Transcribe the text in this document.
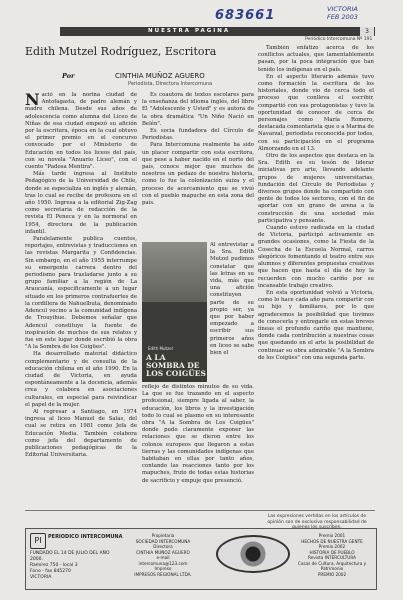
683661	VICTORIA
FEB 2003
NUESTRA PAGINA	3
Periódico Intercomuna Nº 191
Edith Mutzel Rodríguez, Escritora
Por	CINTHIA MUÑOZ AGUERO
Periodista, Directora Intercomuna

Nació en la norina ciudad de Antofagasta, de padre alemán y madre chilena. Desde sus años de adolescencia como alumna del Liceo de Niñas de esa ciudad empezó su afición por la escritura, época en la cual obtuvo el primer premio en el concurso convocado por el Ministerio de Educación en todos los liceos del país, con su novela "Anuario Liceo", con el cuento "Padosa Mentira".

Más tarde ingresa al Instituto Pedagógico de la Universidad de Chile, donde se especializa en inglés y alemán, tras lo cual se recibe de profesora en el año 1950. Ingresa a la editorial Zig-Zag como secretaria de redacción de la revista El Peneca y en la normoral en 1954, directora de la publicación infantil.

Paralelamente publica cuentos, reportajes, entrevistas y traducciones en las revistas Margarita y Confidencias. Sin embargo, en el año 1955 interrumpe su emergente carrera dentro del periodismo para trasladarse junto a su grupo familiar a la región de La Araucanía, específicamente a un lugar situado en los primeros contrafuertes de la cordillera de Nahuelbuta, denominado Adencul vecino a la comunidad indígena de Trouyihue. Debemos señalar que Adencul constituye la fuente de inspiración de muchos de sus relatos y fue en este lugar donde escribió la obra "A la Sombra de los Coigües".

Ha desarrollado material didáctico complementario y de consulta de la educación chilena en el año 1990. En la ciudad de Victoria, en ayuda espontáneamente a la docencia, además crea y colabora en asociaciones culturales, en especial para reivindicar el papel de la mujer.

Al regresar a Santiago, en 1974 ingresa al liceo Manuel de Salas, del cual se retira en 1981 como Jefa de Educación Media. También colabora como jefa del departamento de publicaciones pedagógicas de la Editorial Universitaria.

Es coautora de textos escolares para la enseñanza del idioma inglés, del libro El "Adolescente y Usted" y es autora de la obra dramática "Un Niño Nació en Belén".

Es socia fundadora del Círculo de Periodistas.

Para Intercomuna realmente ha sido un placer compartir con esta escritora, que pese a haber nacido en el norte del país, conoce mejor que muchos de nosotros un pedazo de nuestra historia, como lo fue la colonización suiza y el proceso de acercamiento que se vivió con el pueblo mapuche en esta zona del país.

Edith Mutzel
A LA SOMBRA DE LOS COIGÜES
Al entrevistar a la Sra. Edith Mutzel pudimos constatar que las letras en su vida, más que una afición constituyen parte de su propio ser, ya que por haber empezado a escribir sus primeros años en liceo se sabe bien el

reflejo de distintos minutos de su vida. La que se fue trazando en el aspecto profesional, siempre ligada al saber, la educación, los libros y la investigación todo lo cual se plasmo en su interesante obra "A la Sombra de Los Coigües" donde pudo claramente exponer las relaciones que se dieron entre los colonos europeos que llegaron a estas tierras y las comunidades indígenas que habitaban en ellas por tanto años, contando las reacciones tanto por los mapuches, fruto de todas estas historias de sacrificio y empuje que presenció.

También enfatizo acerca de los conflictos actuales, que lamentablemente pasan, por la poca integración que han tenido los indígenas en el país.

En el aspecto literario además tuvo como formación la escritura de los historiales, donde vio de cerca todo el proceso que conlleva el escribir, compartió con sus protagonistas y tuvo la oportunidad de conocer de cerca de personajes como María Romero, destacada comentarista que o a Marina de Navarzal, periodista reconocida por todos, con su participación en el programa Almorzando en el 13.

Otro de los aspectos que destaca en la Sra. Edith es su tesón de liderar iniciativas pro arte, llevando adelante grupos de mujeres universitarias, fundación del Círculo de Periodistas y diversos grupos donde ha compartido con gente de todos los sectores, con el fin de aportar con un grano de arena a la construcción de una sociedad más participativa y pensante.

Cuando estuvo radicada en la ciudad de Victoria, participó activamente en grandes ocasiones, como la Fiesta de la Cosecha de la Escuela Normal, carros alegóricos fomentando el teatro entre sus alumnos y diferentes propuestas creativas que hacen que hasta el día de hoy la recuerden con mucho cariño por su incansable trabajo creativo.

En esta oportunidad volvió a Victoria, como lo hace cada año para compartir con su hijo y familiares, por lo que agradecemos la posibilidad que tuvimos de conocerla y entregarle en estas breves líneas el profundo cariño que mantiene, donde cada contribución a nuestras cosas que quedando en el arte la posibilidad de continuar su obra admirable "A la Sombra de los Coigües" con una segunda parte.

Las expresiones vertidas en los artículos de opinión son de exclusiva responsabilidad de
PI	PERIODICO INTERCOMUNA
FUNDADO EL 14 DE JULIO DEL AÑO 2000.
Ramírez 750 - local 3
Fono - fax 845270
VICTORIA
Propietaria
SOCIEDAD INTERCOMUNA
Directora
CINTHIA MUÑOZ AGUERO
e-mail
intercomuna@123.com
Impreso
IMPRESOS REGIONAL LTDA.
Premio 2001
HECHOS DE NUESTRA GENTE
Premio 2002
HISTORIA DE PUEBLO
Revista INTERCULTURA
Casas de Cultura, Arquitectura y Patrimonio
PREMIO 2002
